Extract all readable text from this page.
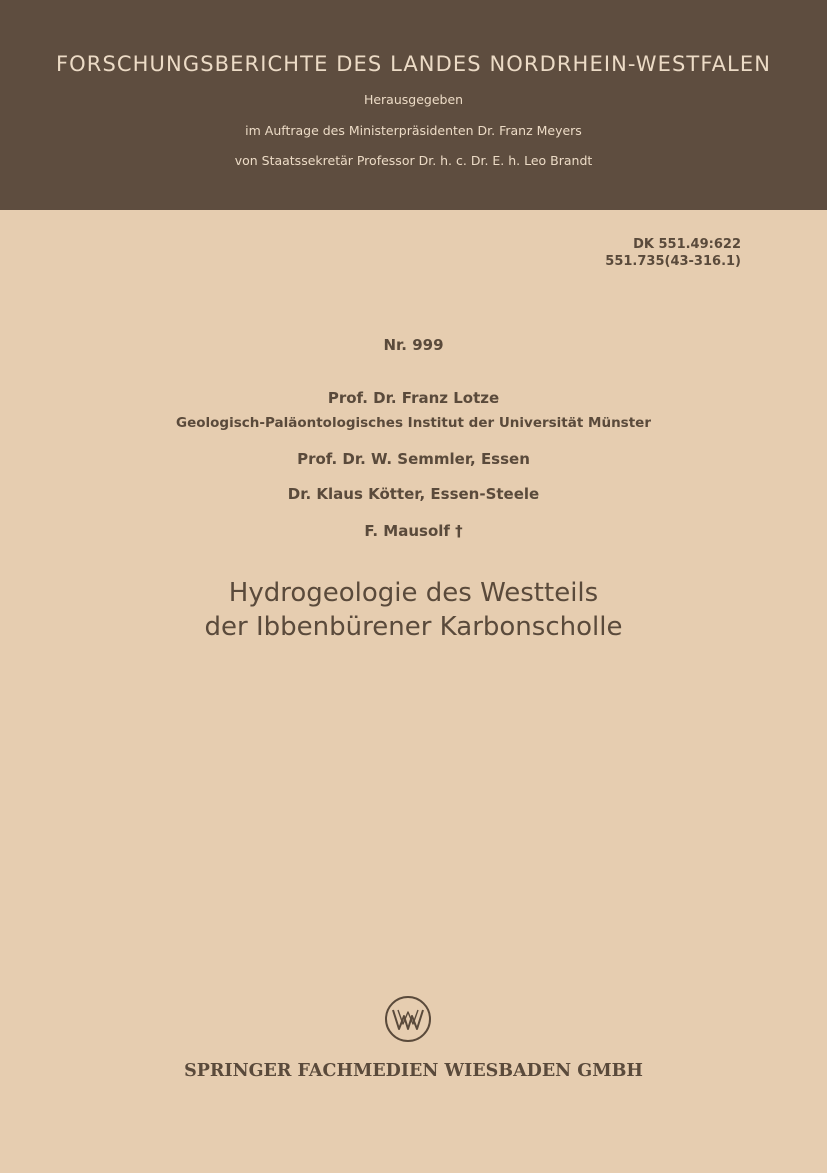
FORSCHUNGSBERICHTE DES LANDES NORDRHEIN-WESTFALEN
Herausgegeben
im Auftrage des Ministerpräsidenten Dr. Franz Meyers
von Staatssekretär Professor Dr. h. c. Dr. E. h. Leo Brandt
DK 551.49:622
551.735(43-316.1)
Nr. 999
Prof. Dr. Franz Lotze
Geologisch-Paläontologisches Institut der Universität Münster
Prof. Dr. W. Semmler, Essen
Dr. Klaus Kötter, Essen-Steele
F. Mausolf †
Hydrogeologie des Westteils
der Ibbenbürener Karbonscholle
SPRINGER FACHMEDIEN WIESBADEN GMBH
